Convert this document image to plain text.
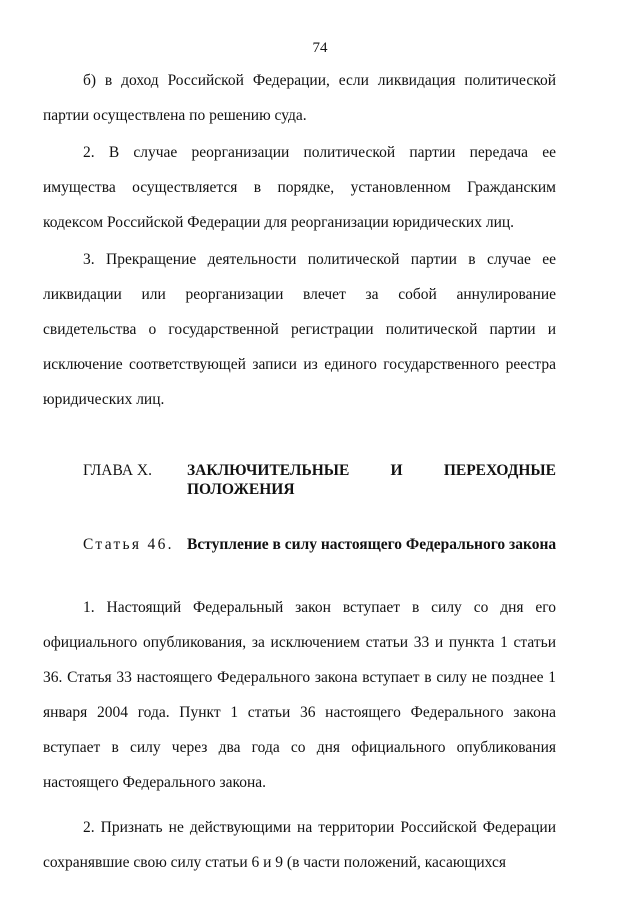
74

б) в доход Российской Федерации, если ликвидация политической партии осуществлена по решению суда.

2. В случае реорганизации политической партии передача ее имущества осуществляется в порядке, установленном Гражданским кодексом Российской Федерации для реорганизации юридических лиц.

3. Прекращение деятельности политической партии в случае ее ликвидации или реорганизации влечет за собой аннулирование свидетельства о государственной регистрации политической партии и исключение соответствующей записи из единого государственного реестра юридических лиц.

ГЛАВА X. ЗАКЛЮЧИТЕЛЬНЫЕ	И	ПЕРЕХОДНЫЕ
ПОЛОЖЕНИЯ
Статья 46. Вступление в силу настоящего Федерального закона

1. Настоящий Федеральный закон вступает в силу со дня его официального опубликования, за исключением статьи 33 и пункта 1 статьи 36. Статья 33 настоящего Федерального закона вступает в силу не позднее 1 января 2004 года. Пункт 1 статьи 36 настоящего Федерального закона вступает в силу через два года со дня официального опубликования настоящего Федерального закона.

2. Признать не действующими на территории Российской Федерации сохранявшие свою силу статьи 6 и 9 (в части положений, касающихся
